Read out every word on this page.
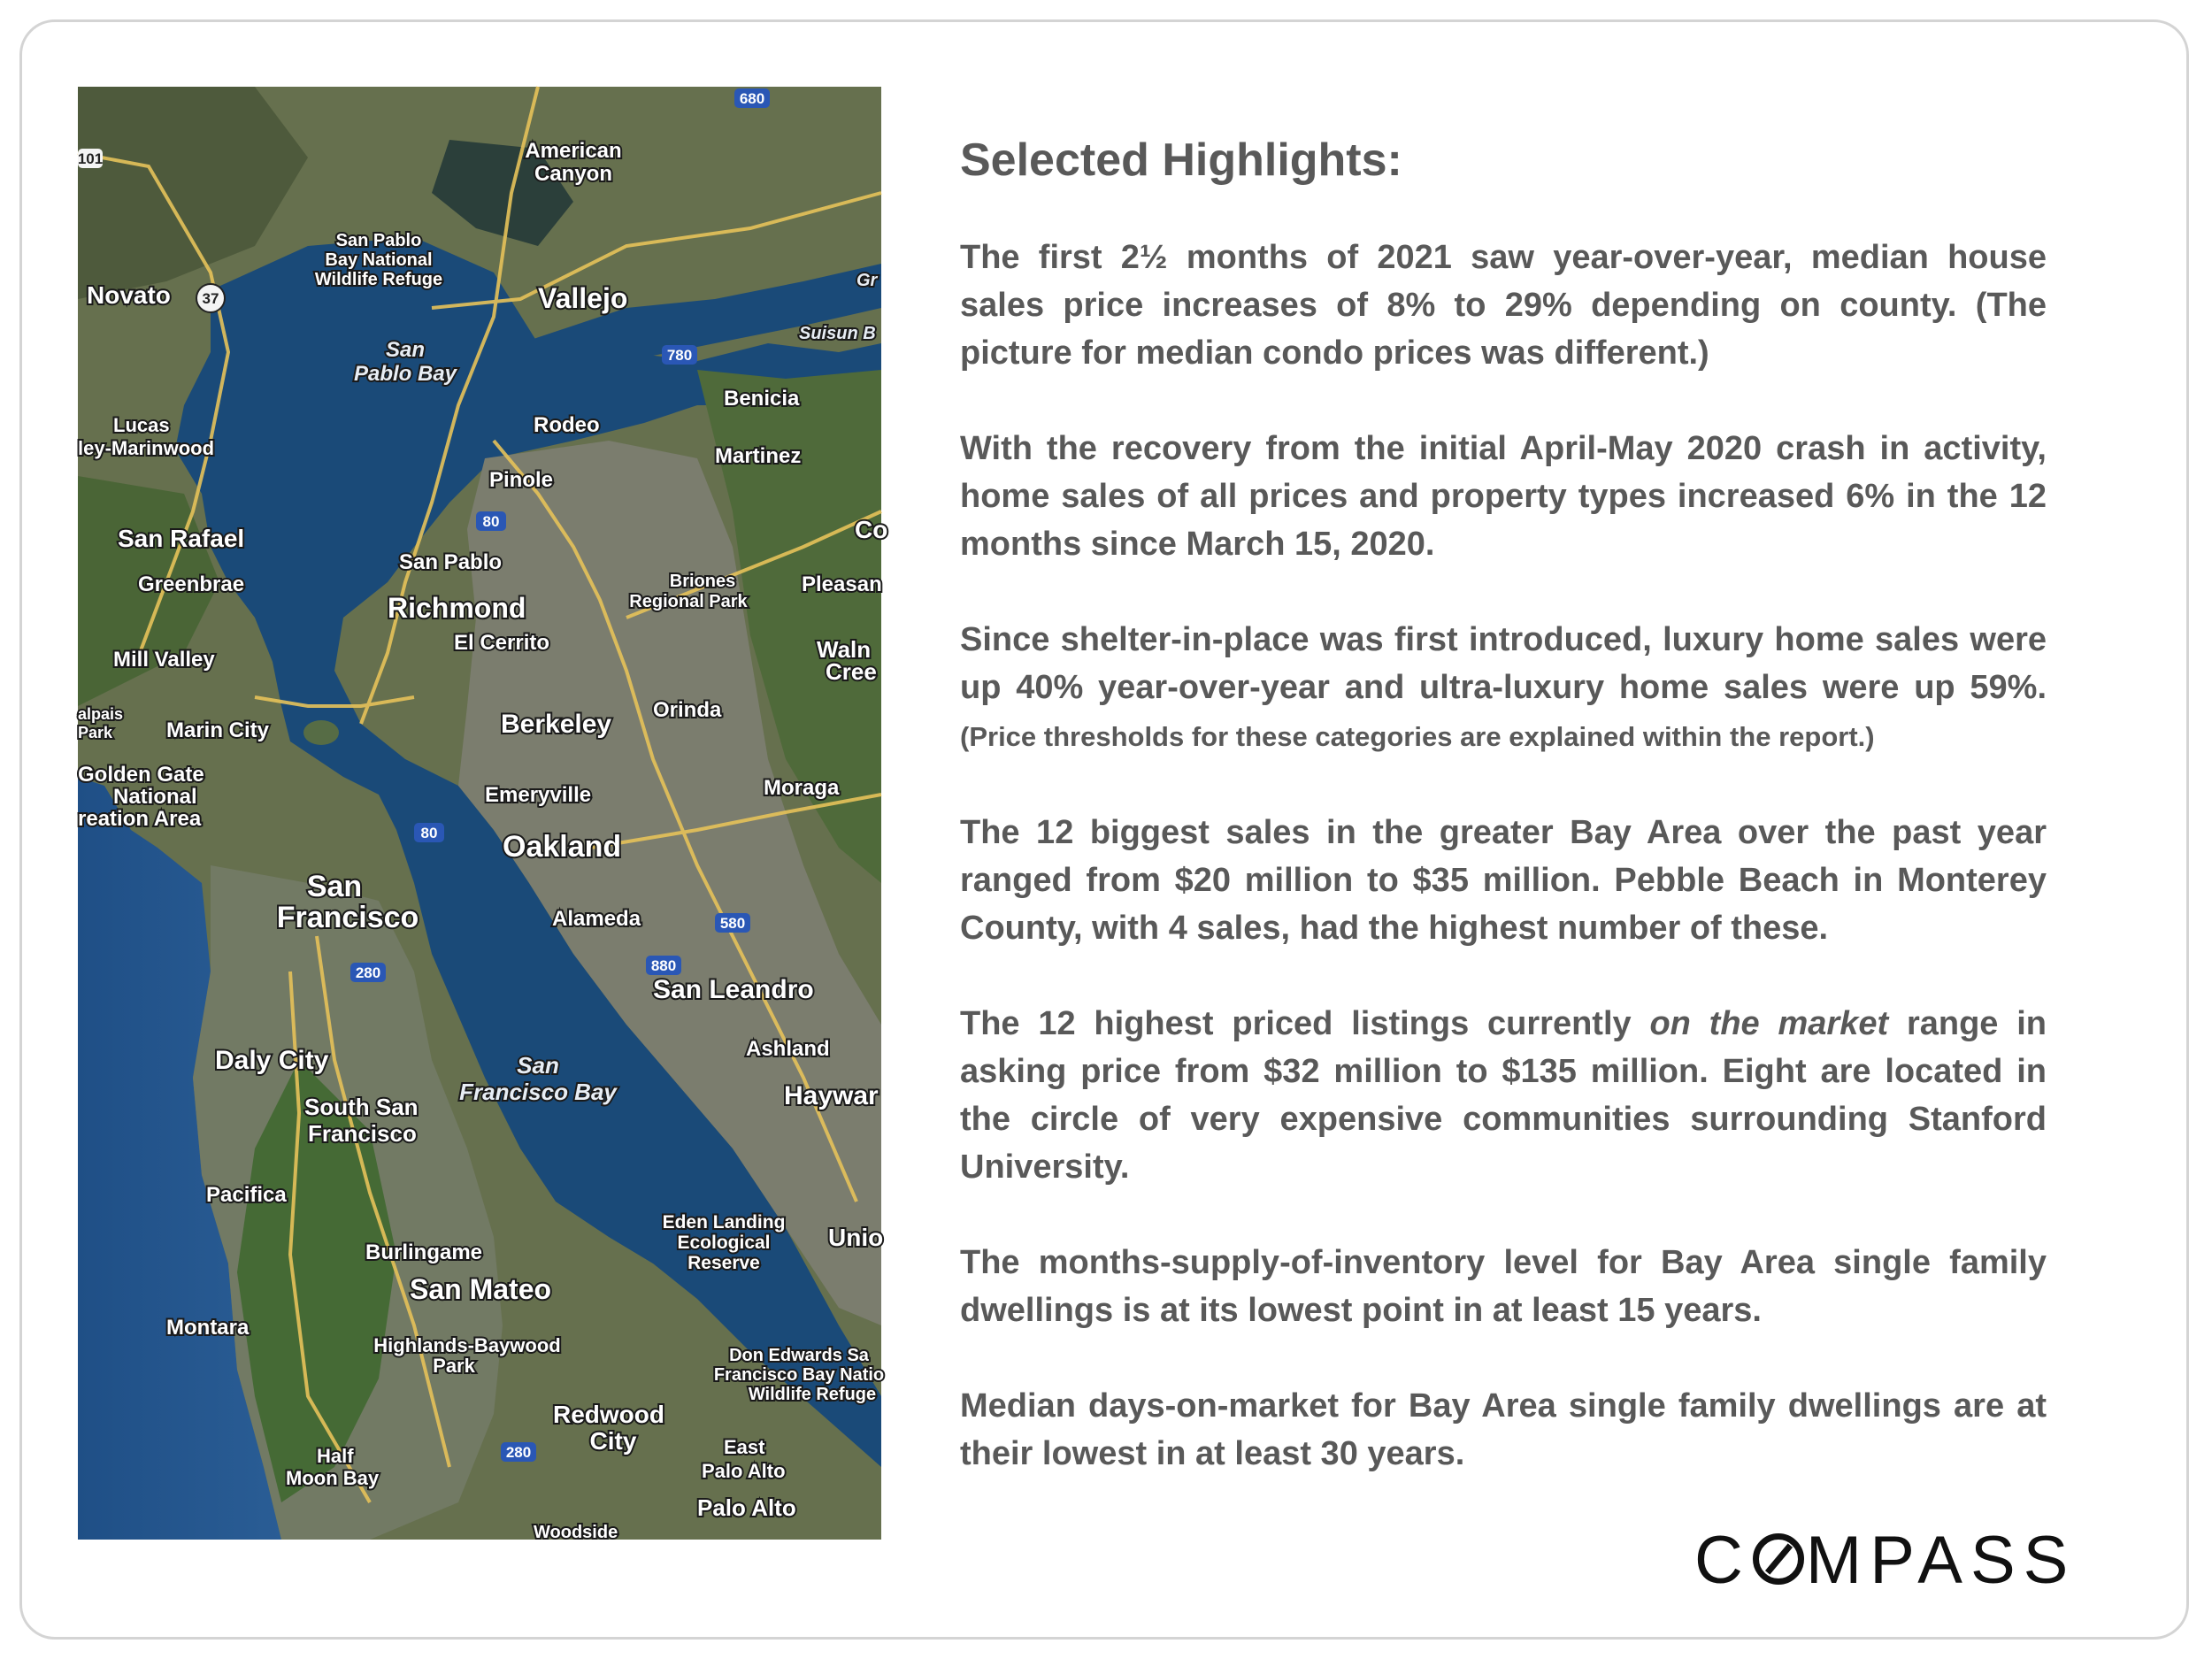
680
37
780
80
80
280
580
880
280
101	American
Canyon
San Pablo
Bay National
Wildlife Refuge
Novato	Vallejo
Suisun B
Gr
San
Pablo Bay
Benicia
Rodeo
Lucas
ley-Marinwood	Martinez
Pinole
San Rafael	Co
San Pablo
Greenbrae	Briones
Regional Park
Pleasan
Richmond
El Cerrito
Mill Valley	Waln
Cree
alpais
Park	Marin City	Berkeley Orinda
Golden Gate
National
reation Area
Moraga
Emeryville
Oakland
San
Francisco	Alameda
San Leandro
Daly City	Ashland
San
Francisco Bay	Haywar
South San
Francisco
Pacifica
Eden Landing
Ecological
Reserve
Unio
Burlingame
San Mateo
Montara
Highlands-Baywood
Park	Don Edwards Sa
Francisco Bay Natio
Wildlife Refuge
Redwood
City
Half
Moon Bay
East
Palo Alto
Palo Alto
Woodside
Selected Highlights:
The first 2½ months of 2021 saw year-over-year, median house sales price increases of 8% to 29% depending on county. (The picture for median condo prices was different.)
With the recovery from the initial April-May 2020 crash in activity, home sales of all prices and property types increased 6% in the 12 months since March 15, 2020.
Since shelter-in-place was first introduced, luxury home sales were up 40% year-over-year and ultra-luxury home sales were up 59%. (Price thresholds for these categories are explained within the report.)
The 12 biggest sales in the greater Bay Area over the past year ranged from $20 million to $35 million. Pebble Beach in Monterey County, with 4 sales, had the highest number of these.
The 12 highest priced listings currently on the market range in asking price from $32 million to $135 million. Eight are located in the circle of very expensive communities surrounding Stanford University.
The months-supply-of-inventory level for Bay Area single family dwellings is at its lowest point in at least 15 years.
Median days-on-market for Bay Area single family dwellings are at their lowest in at least 30 years.
C MPASS
